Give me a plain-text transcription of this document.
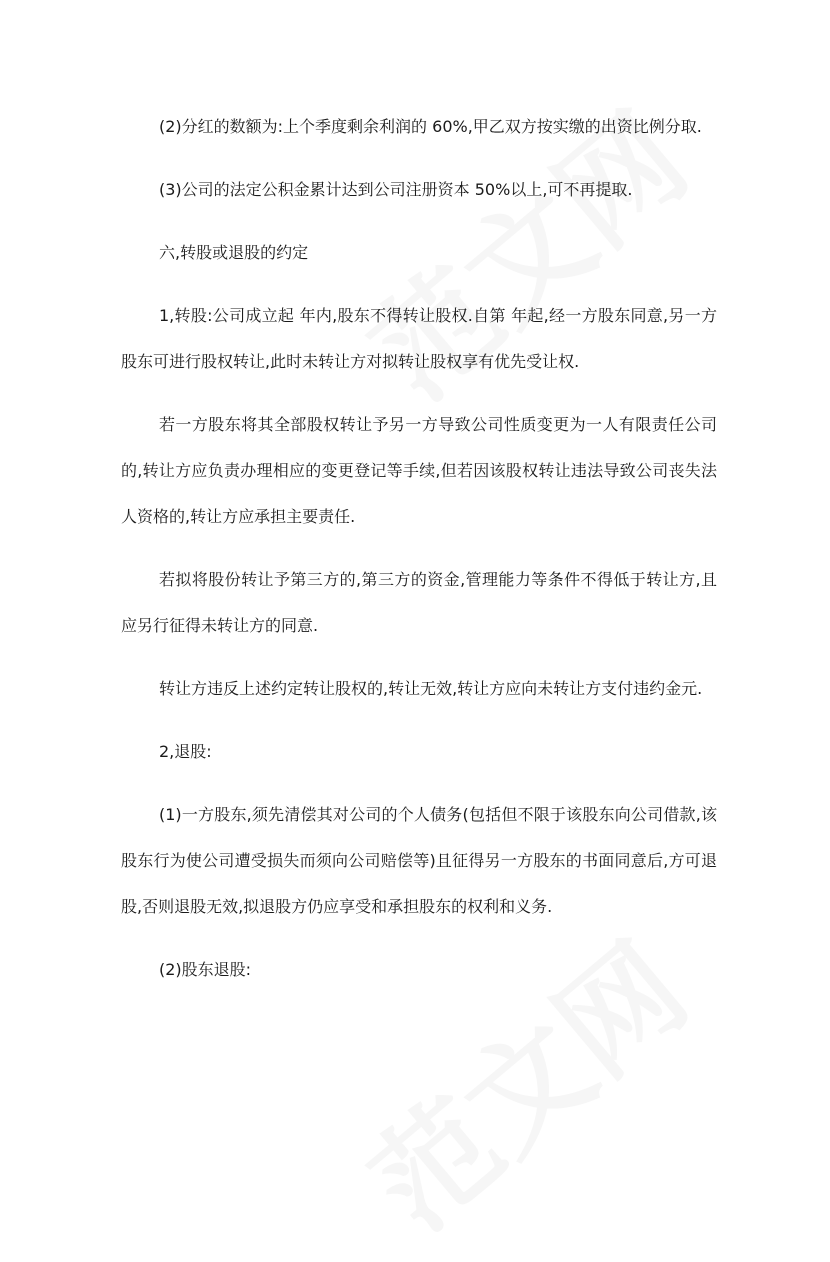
(2)分红的数额为:上个季度剩余利润的 60%,甲乙双方按实缴的出资比例分取.

(3)公司的法定公积金累计达到公司注册资本 50%以上,可不再提取.

六,转股或退股的约定

1,转股:公司成立起 年内,股东不得转让股权.自第 年起,经一方股东同意,另一方股东可进行股权转让,此时未转让方对拟转让股权享有优先受让权.

若一方股东将其全部股权转让予另一方导致公司性质变更为一人有限责任公司的,转让方应负责办理相应的变更登记等手续,但若因该股权转让违法导致公司丧失法人资格的,转让方应承担主要责任.

若拟将股份转让予第三方的,第三方的资金,管理能力等条件不得低于转让方,且应另行征得未转让方的同意.

转让方违反上述约定转让股权的,转让无效,转让方应向未转让方支付违约金元.

2,退股:

(1)一方股东,须先清偿其对公司的个人债务(包括但不限于该股东向公司借款,该股东行为使公司遭受损失而须向公司赔偿等)且征得另一方股东的书面同意后,方可退股,否则退股无效,拟退股方仍应享受和承担股东的权利和义务.

(2)股东退股:
